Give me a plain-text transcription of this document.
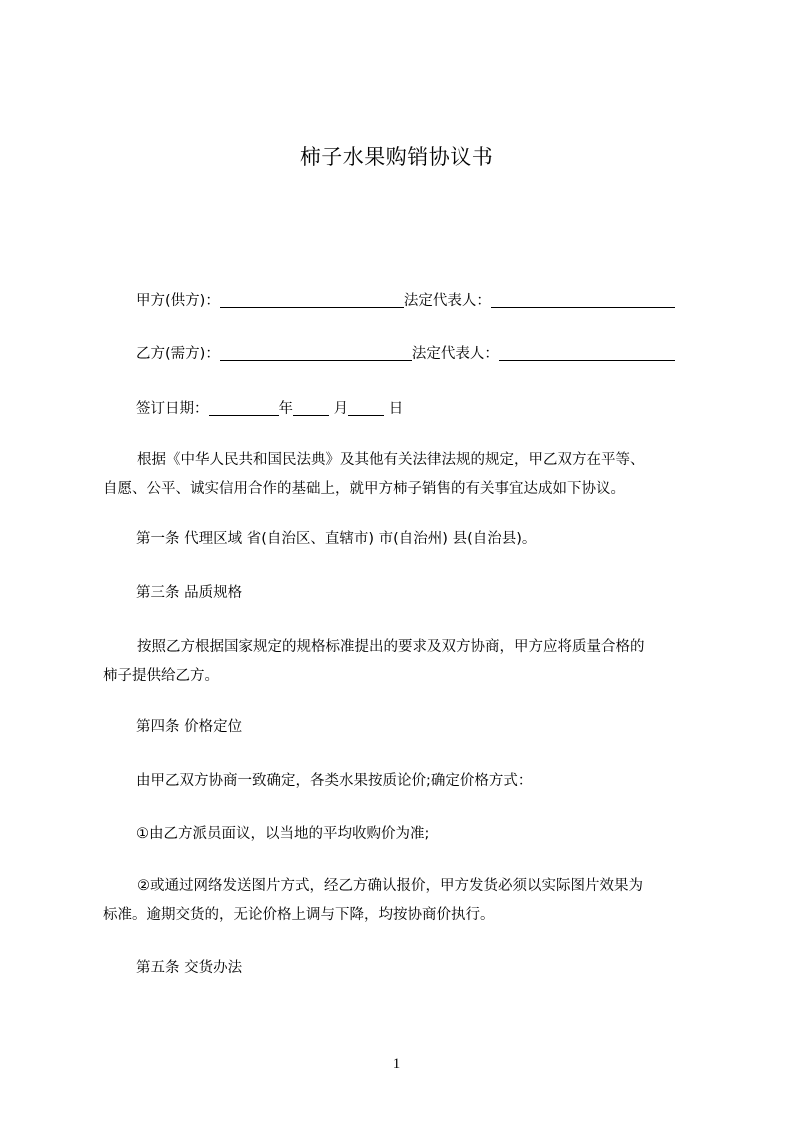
柿子水果购销协议书
甲方(供方)：	法定代表人：
乙方(需方)：	法定代表人：
签订日期：	年	月	日
根据《中华人民共和国民法典》及其他有关法律法规的规定，甲乙双方在平等、
自愿、公平、诚实信用合作的基础上，就甲方柿子销售的有关事宜达成如下协议。
第一条 代理区域 省(自治区、直辖市) 市(自治州) 县(自治县)。
第三条 品质规格
按照乙方根据国家规定的规格标准提出的要求及双方协商，甲方应将质量合格的
柿子提供给乙方。
第四条 价格定位
由甲乙双方协商一致确定，各类水果按质论价;确定价格方式：
①由乙方派员面议，以当地的平均收购价为准;
②或通过网络发送图片方式，经乙方确认报价，甲方发货必须以实际图片效果为
标准。逾期交货的，无论价格上调与下降，均按协商价执行。
第五条 交货办法
1
